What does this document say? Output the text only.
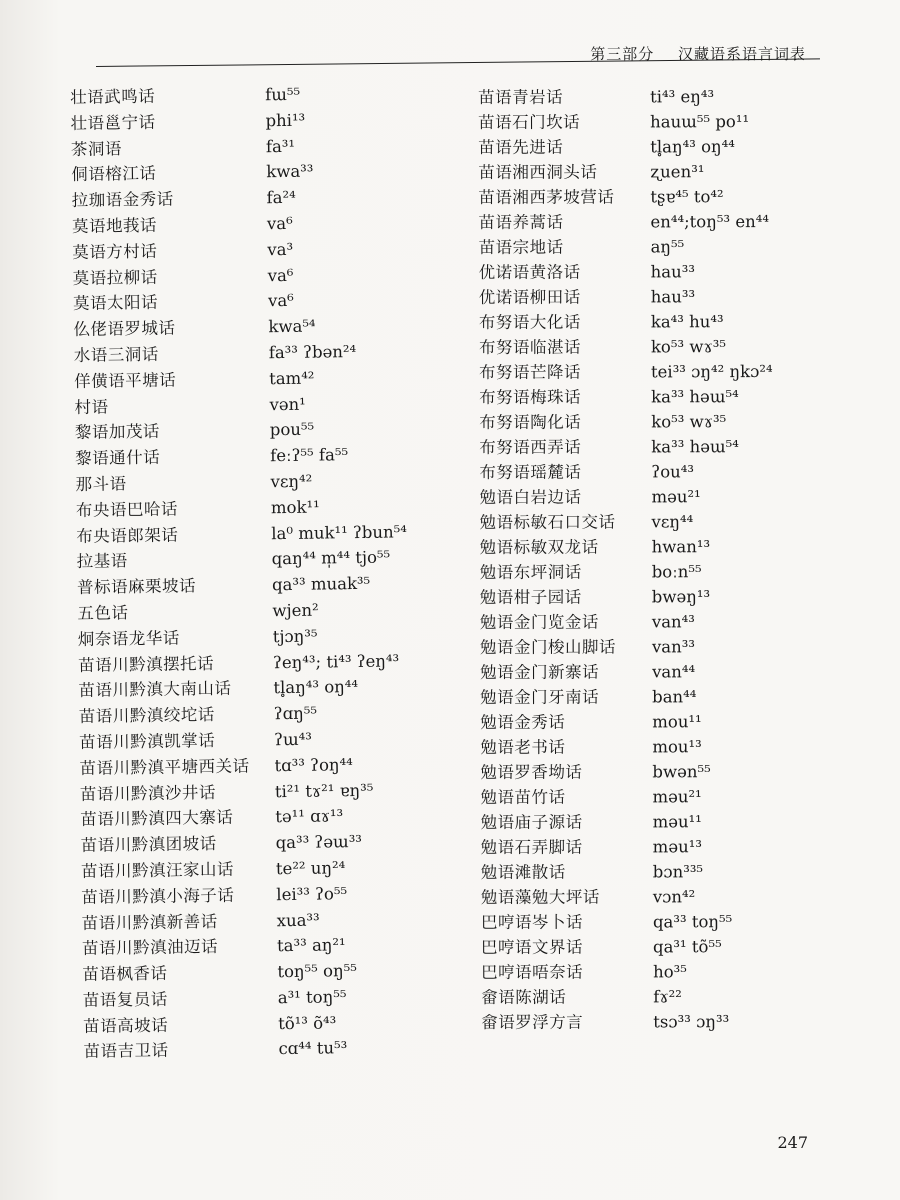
第三部分 汉藏语系语言词表
壮语武鸣话	fɯ⁵⁵
壮语邕宁话	phi¹³
茶洞语	fa³¹
侗语榕江话	kwa³³
拉珈语金秀话	fa²⁴
莫语地莪话	va⁶
莫语方村话	va³
莫语拉柳话	va⁶
莫语太阳话	va⁶
仫佬语罗城话	kwa⁵⁴
水语三洞话	fa³³ ʔbən²⁴
佯僙语平塘话	tam⁴²
村语	vən¹
黎语加茂话	pou⁵⁵
黎语通什话	feːʔ⁵⁵ fa⁵⁵
那斗语	vɛŋ⁴²
布央语巴哈话	mok¹¹
布央语郎架话	la⁰ muk¹¹ ʔbun⁵⁴
拉基语	qaŋ⁴⁴ m̩⁴⁴ tjo⁵⁵
普标语麻栗坡话	qa³³ muak³⁵
五色话	wjen²
炯奈语龙华话	tjɔŋ³⁵
苗语川黔滇摆托话	ʔeŋ⁴³; ti⁴³ ʔeŋ⁴³
苗语川黔滇大南山话	tl̥aŋ⁴³ oŋ⁴⁴
苗语川黔滇绞坨话	ʔɑŋ⁵⁵
苗语川黔滇凯掌话	ʔɯ⁴³
苗语川黔滇平塘西关话	tɑ³³ ʔoŋ⁴⁴
苗语川黔滇沙井话	ti²¹ tɤ²¹ ɐŋ³⁵
苗语川黔滇四大寨话	tə¹¹ ɑɤ¹³
苗语川黔滇团坡话	qa³³ ʔəɯ³³
苗语川黔滇汪家山话	te²² uŋ²⁴
苗语川黔滇小海子话	lei³³ ʔo⁵⁵
苗语川黔滇新善话	xua³³
苗语川黔滇油迈话	ta³³ aŋ²¹
苗语枫香话	toŋ⁵⁵ oŋ⁵⁵
苗语复员话	a³¹ toŋ⁵⁵
苗语高坡话	tõ¹³ õ⁴³
苗语吉卫话	cɑ⁴⁴ tu⁵³
苗语青岩话	ti⁴³ eŋ⁴³
苗语石门坎话	hauɯ⁵⁵ po¹¹
苗语先进话	tl̥aŋ⁴³ oŋ⁴⁴
苗语湘西洞头话	ʐuen³¹
苗语湘西茅坡营话	tʂɐ⁴⁵ to⁴²
苗语养蒿话	en⁴⁴;toŋ⁵³ en⁴⁴
苗语宗地话	aŋ⁵⁵
优诺语黄洛话	hau³³
优诺语柳田话	hau³³
布努语大化话	ka⁴³ hu⁴³
布努语临湛话	ko⁵³ wɤ³⁵
布努语芒降话	tei³³ ɔŋ⁴² ŋkɔ²⁴
布努语梅珠话	ka³³ həɯ⁵⁴
布努语陶化话	ko⁵³ wɤ³⁵
布努语西弄话	ka³³ həɯ⁵⁴
布努语瑶麓话	ʔou⁴³
勉语白岩边话	məu²¹
勉语标敏石口交话	vɛŋ⁴⁴
勉语标敏双龙话	hwan¹³
勉语东坪洞话	boːn⁵⁵
勉语柑子园话	bwəŋ¹³
勉语金门览金话	van⁴³
勉语金门梭山脚话	van³³
勉语金门新寨话	van⁴⁴
勉语金门牙南话	ban⁴⁴
勉语金秀话	mou¹¹
勉语老书话	mou¹³
勉语罗香坳话	bwən⁵⁵
勉语苗竹话	məu²¹
勉语庙子源话	məu¹¹
勉语石弄脚话	məu¹³
勉语滩散话	bɔn³³⁵
勉语藻勉大坪话	vɔn⁴²
巴哼语岑卜话	qa³³ toŋ⁵⁵
巴哼语文界话	qa³¹ tõ⁵⁵
巴哼语唔奈话	ho³⁵
畲语陈湖话	fɤ²²
畲语罗浮方言	tsɔ³³ ɔŋ³³
247
